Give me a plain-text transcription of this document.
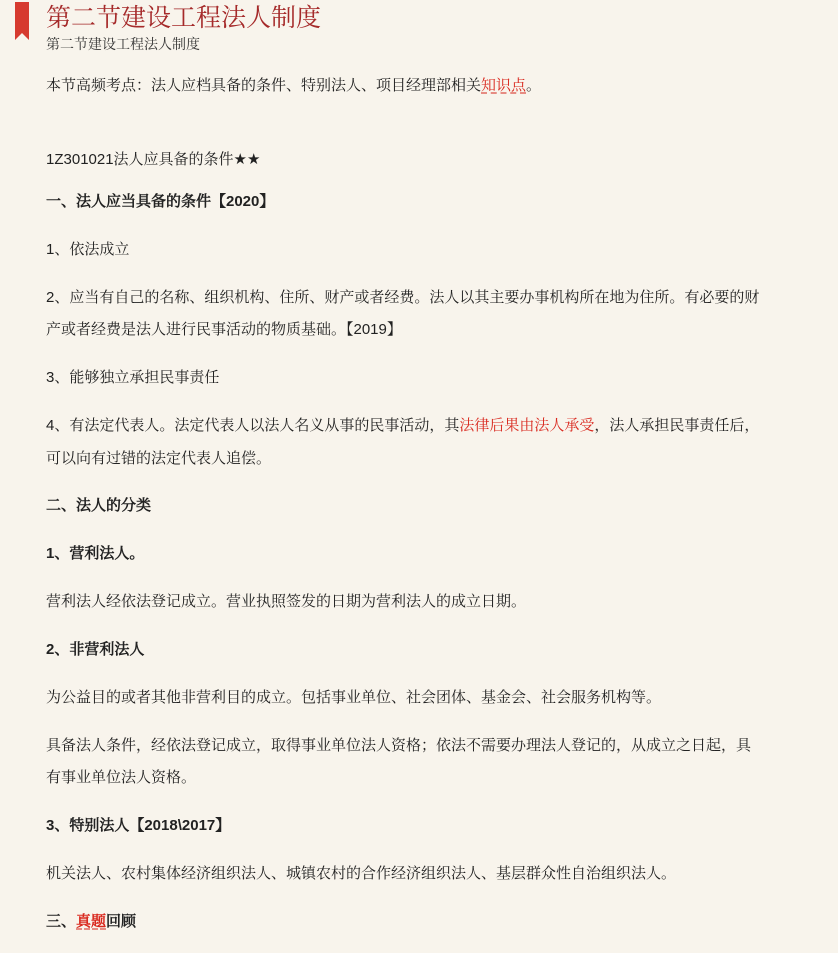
第二节建设工程法人制度
第二节建设工程法人制度
本节高频考点：法人应档具备的条件、特别法人、项目经理部相关知识点。
1Z301021法人应具备的条件★★
一、法人应当具备的条件【2020】
1、依法成立
2、应当有自己的名称、组织机构、住所、财产或者经费。法人以其主要办事机构所在地为住所。有必要的财
产或者经费是法人进行民事活动的物质基础。【2019】
3、能够独立承担民事责任
4、有法定代表人。法定代表人以法人名义从事的民事活动，其法律后果由法人承受，法人承担民事责任后，
可以向有过错的法定代表人追偿。
二、法人的分类
1、营利法人。
营利法人经依法登记成立。营业执照签发的日期为营利法人的成立日期。
2、非营利法人
为公益目的或者其他非营利目的成立。包括事业单位、社会团体、基金会、社会服务机构等。
具备法人条件，经依法登记成立，取得事业单位法人资格；依法不需要办理法人登记的，从成立之日起，具
有事业单位法人资格。
3、特别法人【2018\2017】
机关法人、农村集体经济组织法人、城镇农村的合作经济组织法人、基层群众性自治组织法人。
三、真题回顾
